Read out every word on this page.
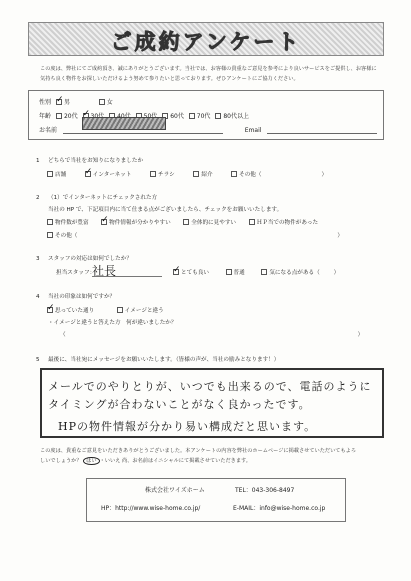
ご成約アンケート
この度は、弊社にてご成約頂き、誠にありがとうございます。当社では、お客様の貴重なご意見を参考により良いサービスをご提供し、お客様に気持ち良く物件をお探しいただけるよう努めて参りたいと思っております。ぜひアンケートにご協力ください。
性別 ✓ 男	女
年齢 20代 ✓	60代 70代 80代以上
お名前	Email
1 どちらで当社をお知りになりましたか
店舗 ✓	インターネット	チラシ	紹介	その他（	）
2 （1）でインターネットにチェックされた方
当社の HP で、下記項目内に当て仕まる点がございましたら、チェックをお願いいたします。
物件数が豊富 ✓	物件情報が分かりやすい	全体的に見やすい	ＨＰ当での物件があった
その他（	）
3 スタッフの対応は如何でしたか？
担当スタッフ：
社長 ✓	とても良い	普通	気になる点がある（	）
4 当社の印象は如何ですか？
✓思っていた通り	イメージと違う
・イメージと違うと答えた方　何が違いましたか？
（	）
5 最後に、当社宛にメッセージをお願いいたします。（皆様の声が、当社の励みとなります！）
メールでのやりとりが、いつでも出来るので、電話のように
タイミングが合わないことがなく良かったです。
HPの物件情報が分かり易い構成だと思います。
この度は、貴重なご意見をいただきありがとうございました。本アンケートの内容を弊社のホームページに掲載させていただいてもよろ
しいでしょうか？ はい ・いいえ 尚、お名前はイニシャルにて掲載させていただきます。
株式会社ワイズホーム	TEL：043-306-8497
HP：http://www.wise-home.co.jp/	E-MAIL：info@wise-home.co.jp
